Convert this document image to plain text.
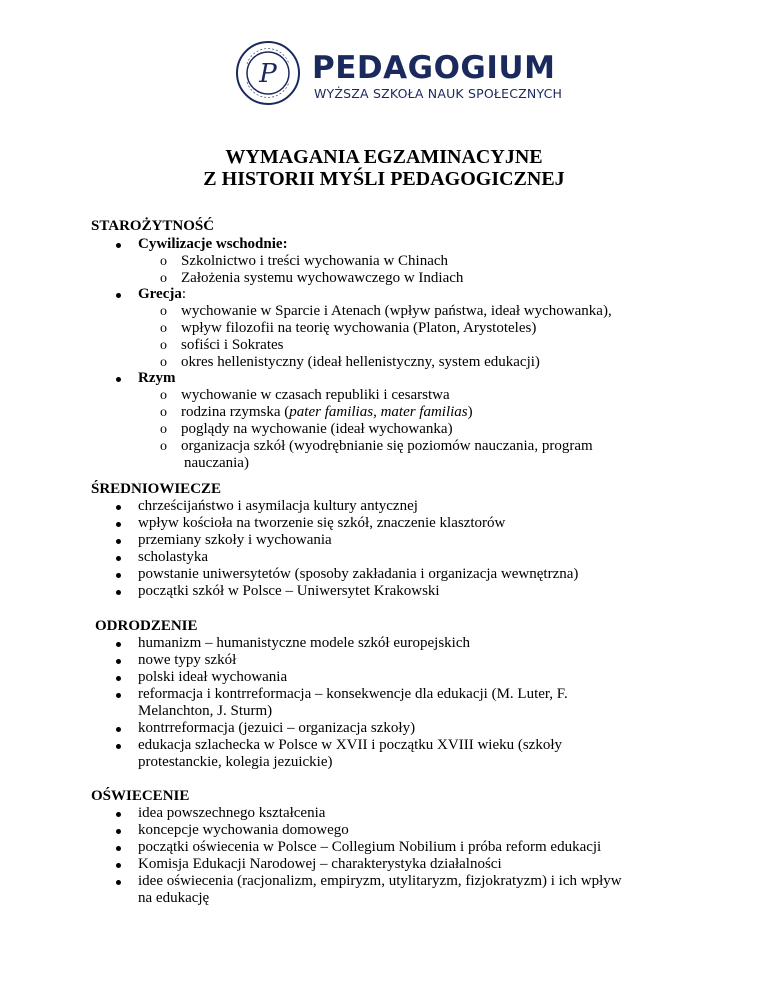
P PEDAGOGIUM
WYŻSZA SZKOŁA NAUK SPOŁECZNYCH
WYMAGANIA EGZAMINACYJNE
Z HISTORII MYŚLI PEDAGOGICZNEJ
STAROŻYTNOŚĆ
Cywilizacje wschodnie:
o Szkolnictwo i treści wychowania w Chinach
o Założenia systemu wychowawczego w Indiach
Grecja:
o wychowanie w Sparcie i Atenach (wpływ państwa, ideał wychowanka),
o wpływ filozofii na teorię wychowania (Platon, Arystoteles)
o sofiści i Sokrates
o okres hellenistyczny (ideał hellenistyczny, system edukacji)
Rzym
o wychowanie w czasach republiki i cesarstwa
o rodzina rzymska (pater familias, mater familias)
o poglądy na wychowanie (ideał wychowanka)
o organizacja szkół (wyodrębnianie się poziomów nauczania, program
nauczania)
ŚREDNIOWIECZE
chrześcijaństwo i asymilacja kultury antycznej
wpływ kościoła na tworzenie się szkół, znaczenie klasztorów
przemiany szkoły i wychowania
scholastyka
powstanie uniwersytetów (sposoby zakładania i organizacja wewnętrzna)
początki szkół w Polsce – Uniwersytet Krakowski
ODRODZENIE
humanizm – humanistyczne modele szkół europejskich
nowe typy szkół
polski ideał wychowania
reformacja i kontrreformacja – konsekwencje dla edukacji (M. Luter, F.
Melanchton, J. Sturm)
kontrreformacja (jezuici – organizacja szkoły)
edukacja szlachecka w Polsce w XVII i początku XVIII wieku (szkoły
protestanckie, kolegia jezuickie)
OŚWIECENIE
idea powszechnego kształcenia
koncepcje wychowania domowego
początki oświecenia w Polsce – Collegium Nobilium i próba reform edukacji
Komisja Edukacji Narodowej – charakterystyka działalności
idee oświecenia (racjonalizm, empiryzm, utylitaryzm, fizjokratyzm) i ich wpływ
na edukację
